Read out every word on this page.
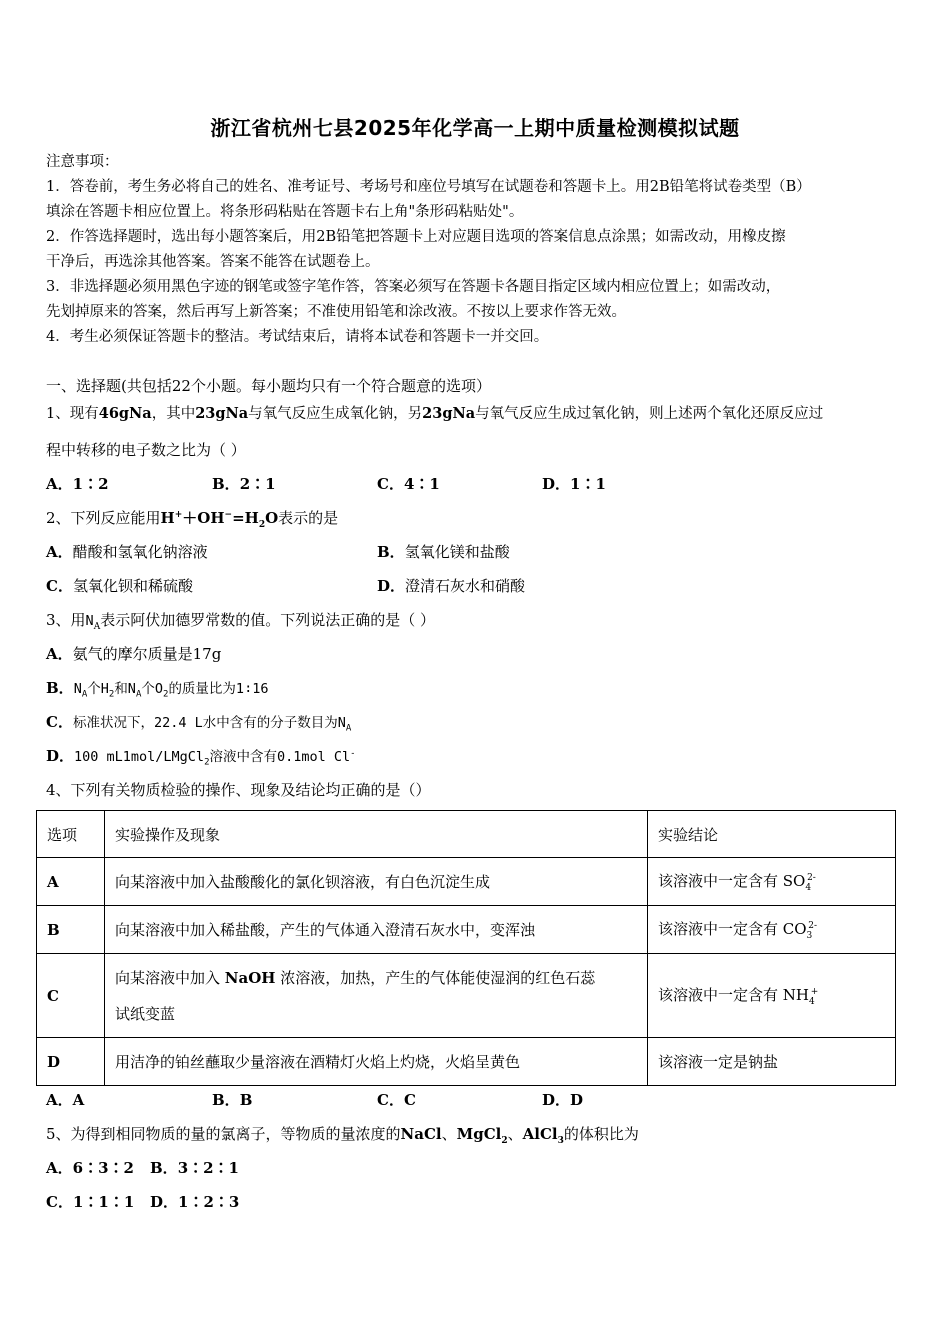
浙江省杭州七县2025年化学高一上期中质量检测模拟试题
注意事项：
1．答卷前，考生务必将自己的姓名、准考证号、考场号和座位号填写在试题卷和答题卡上。用2B铅笔将试卷类型（B）
填涂在答题卡相应位置上。将条形码粘贴在答题卡右上角"条形码粘贴处"。
2．作答选择题时，选出每小题答案后，用2B铅笔把答题卡上对应题目选项的答案信息点涂黑；如需改动，用橡皮擦
干净后，再选涂其他答案。答案不能答在试题卷上。
3．非选择题必须用黑色字迹的钢笔或签字笔作答，答案必须写在答题卡各题目指定区域内相应位置上；如需改动，
先划掉原来的答案，然后再写上新答案；不准使用铅笔和涂改液。不按以上要求作答无效。
4．考生必须保证答题卡的整洁。考试结束后，请将本试卷和答题卡一并交回。
一、选择题(共包括22个小题。每小题均只有一个符合题意的选项）
1、现有46gNa，其中23gNa与氧气反应生成氧化钠，另23gNa与氧气反应生成过氧化钠，则上述两个氧化还原反应过
程中转移的电子数之比为（ ）
A．1∶2	B．2∶1	C．4∶1	D．1∶1
2、下列反应能用$H^++OH^-=H_2O$表示的是
A．醋酸和氢氧化钠溶液	B．氢氧化镁和盐酸
C．氢氧化钡和稀硫酸	D．澄清石灰水和硝酸
3、用$N_A$表示阿伏加德罗常数的值。下列说法正确的是（ ）
A．氨气的摩尔质量是17g
B．$N_A$个$H_2$和$N_A$个$O_2$的质量比为1∶16
C．标准状况下，22.4 L水中含有的分子数目为$N_A$
D．100 mL1mol/LMgCl$_2$溶液中含有0.1mol Cl-
4、下列有关物质检验的操作、现象及结论均正确的是（）
选项	实验操作及现象	实验结论
A	向某溶液中加入盐酸酸化的氯化钡溶液，有白色沉淀生成	该溶液中一定含有 $SO_4^{2-}$
B	向某溶液中加入稀盐酸，产生的气体通入澄清石灰水中，变浑浊	该溶液中一定含有 $CO_3^{2-}$
C	向某溶液中加入 NaOH 浓溶液，加热，产生的气体能使湿润的红色石蕊
试纸变蓝	该溶液中一定含有 $NH_4^+$
D	用洁净的铂丝蘸取少量溶液在酒精灯火焰上灼烧，火焰呈黄色	该溶液一定是钠盐
A．A	B．B	C．C	D．D
5、为得到相同物质的量的氯离子，等物质的量浓度的NaCl、MgCl$_2$、AlCl$_3$的体积比为
A．6∶3∶2 B．3∶2∶1
C．1∶1∶1 D．1∶2∶3
